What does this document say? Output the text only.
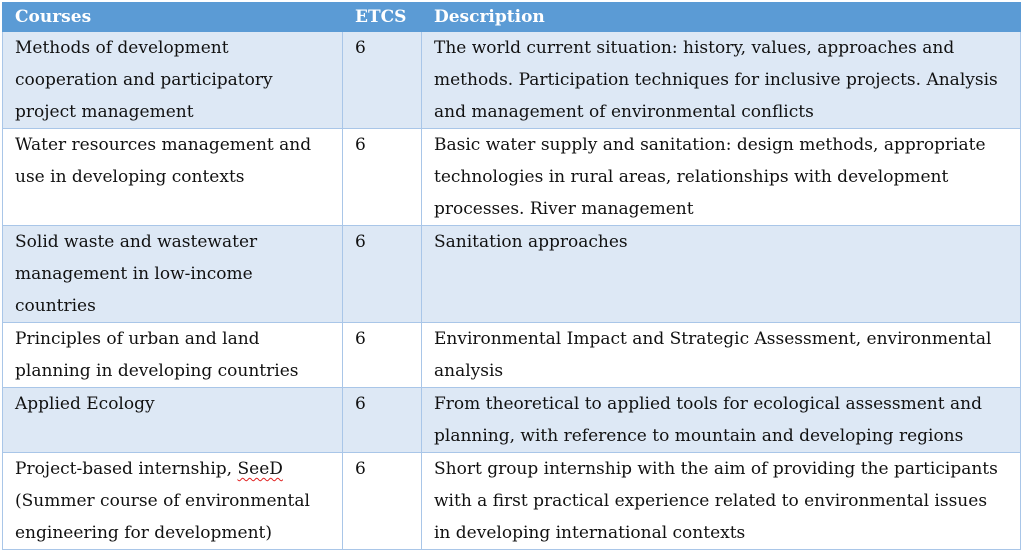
Courses	ETCS	Description
Methods of development cooperation and participatory project management	6	The world current situation: history, values, approaches and methods. Participation techniques for inclusive projects. Analysis and management of environmental conflicts
Water resources management and use in developing contexts	6	Basic water supply and sanitation: design methods, appropriate technologies in rural areas, relationships with development processes. River management
Solid waste and wastewater management in low-income countries	6	Sanitation approaches
Principles of urban and land planning in developing countries	6	Environmental Impact and Strategic Assessment, environmental analysis
Applied Ecology	6	From theoretical to applied tools for ecological assessment and planning, with reference to mountain and developing regions
Project-based internship, SeeD (Summer course of environmental engineering for development)	6	Short group internship with the aim of providing the participants with a first practical experience related to environmental issues in developing international contexts
